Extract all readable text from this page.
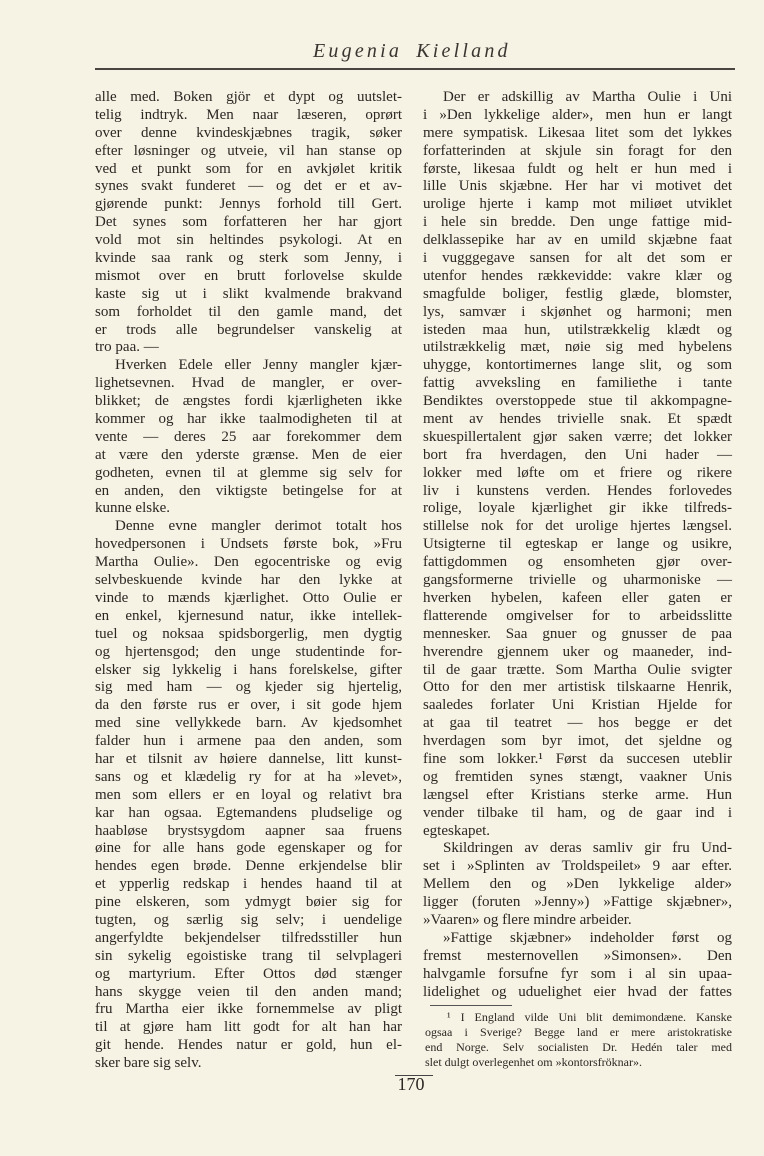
Eugenia Kielland
alle med. Boken gjör et dypt og uutslet-
telig indtryk. Men naar læseren, oprørt
over denne kvindeskjæbnes tragik, søker
efter løsninger og utveie, vil han stanse op
ved et punkt som for en avkjølet kritik
synes svakt funderet — og det er et av-
gjørende punkt: Jennys forhold till Gert.
Det synes som forfatteren her har gjort
vold mot sin heltindes psykologi. At en
kvinde saa rank og sterk som Jenny, i
mismot over en brutt forlovelse skulde
kaste sig ut i slikt kvalmende brakvand
som forholdet til den gamle mand, det
er trods alle begrundelser vanskelig at
tro paa. —
Hverken Edele eller Jenny mangler kjær-
lighetsevnen. Hvad de mangler, er over-
blikket; de ængstes fordi kjærligheten ikke
kommer og har ikke taalmodigheten til at
vente — deres 25 aar forekommer dem
at være den yderste grænse. Men de eier
godheten, evnen til at glemme sig selv for
en anden, den viktigste betingelse for at
kunne elske.
Denne evne mangler derimot totalt hos
hovedpersonen i Undsets første bok, »Fru
Martha Oulie». Den egocentriske og evig
selvbeskuende kvinde har den lykke at
vinde to mænds kjærlighet. Otto Oulie er
en enkel, kjernesund natur, ikke intellek-
tuel og noksaa spidsborgerlig, men dygtig
og hjertensgod; den unge studentinde for-
elsker sig lykkelig i hans forelskelse, gifter
sig med ham — og kjeder sig hjertelig,
da den første rus er over, i sit gode hjem
med sine vellykkede barn. Av kjedsomhet
falder hun i armene paa den anden, som
har et tilsnit av høiere dannelse, litt kunst-
sans og et klædelig ry for at ha »levet»,
men som ellers er en loyal og relativt bra
kar han ogsaa. Egtemandens pludselige og
haabløse brystsygdom aapner saa fruens
øine for alle hans gode egenskaper og for
hendes egen brøde. Denne erkjendelse blir
et ypperlig redskap i hendes haand til at
pine elskeren, som ydmygt bøier sig for
tugten, og særlig sig selv; i uendelige
angerfyldte bekjendelser tilfredsstiller hun
sin sykelig egoistiske trang til selvplageri
og martyrium. Efter Ottos død stænger
hans skygge veien til den anden mand;
fru Martha eier ikke fornemmelse av pligt
til at gjøre ham litt godt for alt han har
git hende. Hendes natur er gold, hun el-
sker bare sig selv.
Der er adskillig av Martha Oulie i Uni
i »Den lykkelige alder», men hun er langt
mere sympatisk. Likesaa litet som det lykkes
forfatterinden at skjule sin foragt for den
første, likesaa fuldt og helt er hun med i
lille Unis skjæbne. Her har vi motivet det
urolige hjerte i kamp mot miliøet utviklet
i hele sin bredde. Den unge fattige mid-
delklassepike har av en umild skjæbne faat
i vugggegave sansen for alt det som er
utenfor hendes rækkevidde: vakre klær og
smagfulde boliger, festlig glæde, blomster,
lys, samvær i skjønhet og harmoni; men
isteden maa hun, utilstrækkelig klædt og
utilstrækkelig mæt, nøie sig med hybelens
uhygge, kontortimernes lange slit, og som
fattig avveksling en familiethe i tante
Bendiktes overstoppede stue til akkompagne-
ment av hendes trivielle snak. Et spædt
skuespillertalent gjør saken værre; det lokker
bort fra hverdagen, den Uni hader —
lokker med løfte om et friere og rikere
liv i kunstens verden. Hendes forlovedes
rolige, loyale kjærlighet gir ikke tilfreds-
stillelse nok for det urolige hjertes længsel.
Utsigterne til egteskap er lange og usikre,
fattigdommen og ensomheten gjør over-
gangsformerne trivielle og uharmoniske —
hverken hybelen, kafeen eller gaten er
flatterende omgivelser for to arbeidsslitte
mennesker. Saa gnuer og gnusser de paa
hverendre gjennem uker og maaneder, ind-
til de gaar trætte. Som Martha Oulie svigter
Otto for den mer artistisk tilskaarne Henrik,
saaledes forlater Uni Kristian Hjelde for
at gaa til teatret — hos begge er det
hverdagen som byr imot, det sjeldne og
fine som lokker.¹ Først da succesen uteblir
og fremtiden synes stængt, vaakner Unis
længsel efter Kristians sterke arme. Hun
vender tilbake til ham, og de gaar ind i
egteskapet.
Skildringen av deras samliv gir fru Und-
set i »Splinten av Troldspeilet» 9 aar efter.
Mellem den og »Den lykkelige alder»
ligger (foruten »Jenny») »Fattige skjæbner»,
»Vaaren» og flere mindre arbeider.
»Fattige skjæbner» indeholder først og
fremst mesternovellen »Simonsen». Den
halvgamle forsufne fyr som i al sin upaa-
lidelighet og uduelighet eier hvad der fattes
¹ I England vilde Uni blit demimondæne. Kanske
ogsaa i Sverige? Begge land er mere aristokratiske
end Norge. Selv socialisten Dr. Hedén taler med
slet dulgt overlegenhet om »kontorsfröknar».
170
